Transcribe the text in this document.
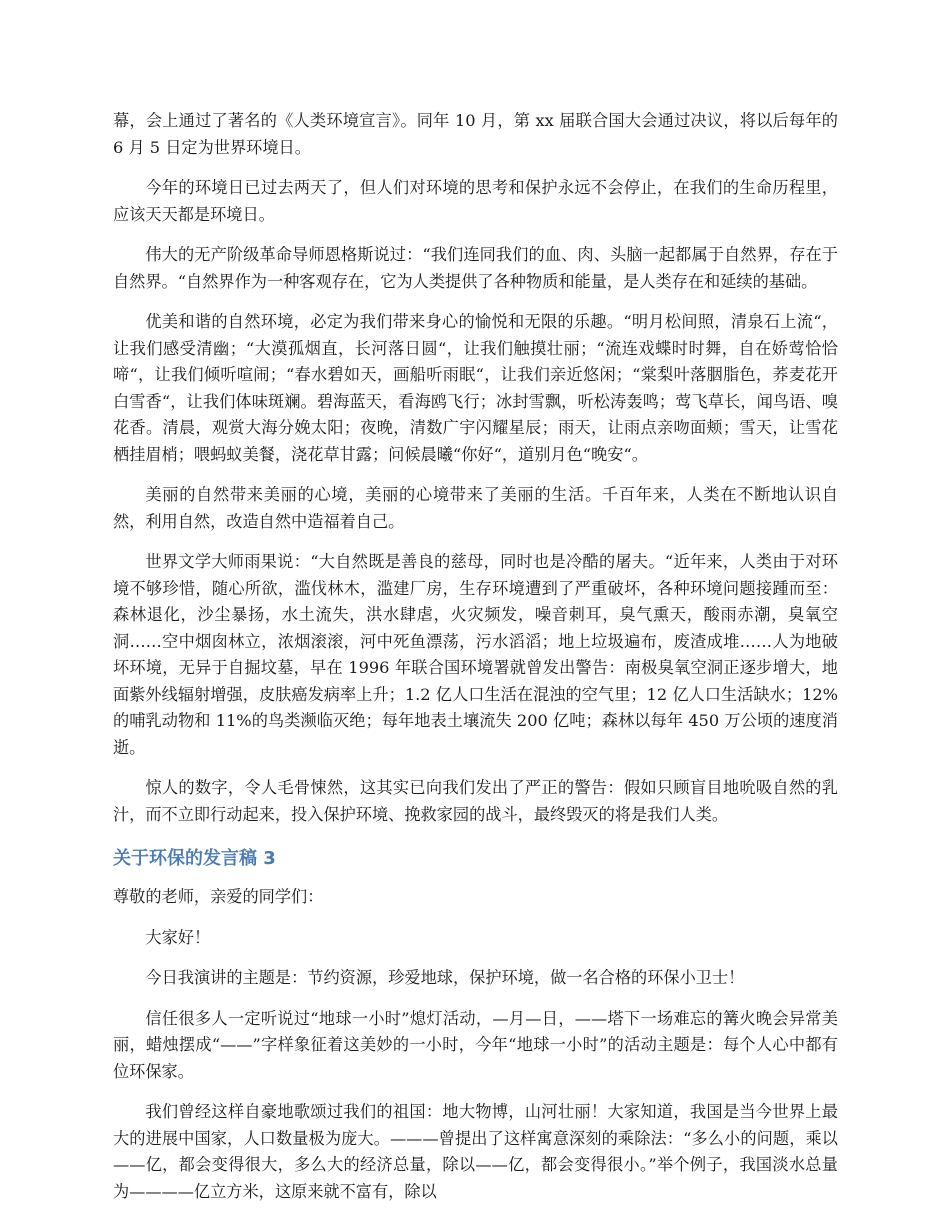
幕，会上通过了著名的《人类环境宣言》。同年 10 月，第 xx 届联合国大会通过决议，将以后每年的 6 月 5 日定为世界环境日。

今年的环境日已过去两天了，但人们对环境的思考和保护永远不会停止，在我们的生命历程里，应该天天都是环境日。

伟大的无产阶级革命导师恩格斯说过：“我们连同我们的血、肉、头脑一起都属于自然界，存在于自然界。“自然界作为一种客观存在，它为人类提供了各种物质和能量，是人类存在和延续的基础。

优美和谐的自然环境，必定为我们带来身心的愉悦和无限的乐趣。“明月松间照，清泉石上流“，让我们感受清幽；“大漠孤烟直，长河落日圆“，让我们触摸壮丽；“流连戏蝶时时舞，自在娇莺恰恰啼“，让我们倾听喧闹；“春水碧如天，画船听雨眠“，让我们亲近悠闲；“棠梨叶落胭脂色，荞麦花开白雪香“，让我们体味斑斓。碧海蓝天，看海鸥飞行；冰封雪飘，听松涛轰鸣；莺飞草长，闻鸟语、嗅花香。清晨，观赏大海分娩太阳；夜晚，清数广宇闪耀星辰；雨天，让雨点亲吻面颊；雪天，让雪花栖挂眉梢；喂蚂蚁美餐，浇花草甘露；问候晨曦“你好“，道别月色“晚安“。

美丽的自然带来美丽的心境，美丽的心境带来了美丽的生活。千百年来，人类在不断地认识自然，利用自然，改造自然中造福着自己。

世界文学大师雨果说：“大自然既是善良的慈母，同时也是冷酷的屠夫。“近年来，人类由于对环境不够珍惜，随心所欲，滥伐林木，滥建厂房，生存环境遭到了严重破坏，各种环境问题接踵而至：森林退化，沙尘暴扬，水土流失，洪水肆虐，火灾频发，噪音刺耳，臭气熏天，酸雨赤潮，臭氧空洞……空中烟囱林立，浓烟滚滚，河中死鱼漂荡，污水滔滔；地上垃圾遍布，废渣成堆……人为地破坏环境，无异于自掘坟墓，早在 1996 年联合国环境署就曾发出警告：南极臭氧空洞正逐步增大，地面紫外线辐射增强，皮肤癌发病率上升；1.2 亿人口生活在混浊的空气里；12 亿人口生活缺水；12%的哺乳动物和 11%的鸟类濒临灭绝；每年地表土壤流失 200 亿吨；森林以每年 450 万公顷的速度消逝。

惊人的数字，令人毛骨悚然，这其实已向我们发出了严正的警告：假如只顾盲目地吮吸自然的乳汁，而不立即行动起来，投入保护环境、挽救家园的战斗，最终毁灭的将是我们人类。

关于环保的发言稿 3

尊敬的老师，亲爱的同学们：

大家好！

今日我演讲的主题是：节约资源，珍爱地球，保护环境，做一名合格的环保小卫士！

信任很多人一定听说过“地球一小时”熄灯活动，—月—日，——塔下一场难忘的篝火晚会异常美丽，蜡烛摆成“——”字样象征着这美妙的一小时，今年“地球一小时”的活动主题是：每个人心中都有位环保家。

我们曾经这样自豪地歌颂过我们的祖国：地大物博，山河壮丽！大家知道，我国是当今世界上最大的进展中国家，人口数量极为庞大。———曾提出了这样寓意深刻的乘除法：“多么小的问题，乘以——亿，都会变得很大，多么大的经济总量，除以——亿，都会变得很小。”举个例子，我国淡水总量为————亿立方米，这原来就不富有，除以
